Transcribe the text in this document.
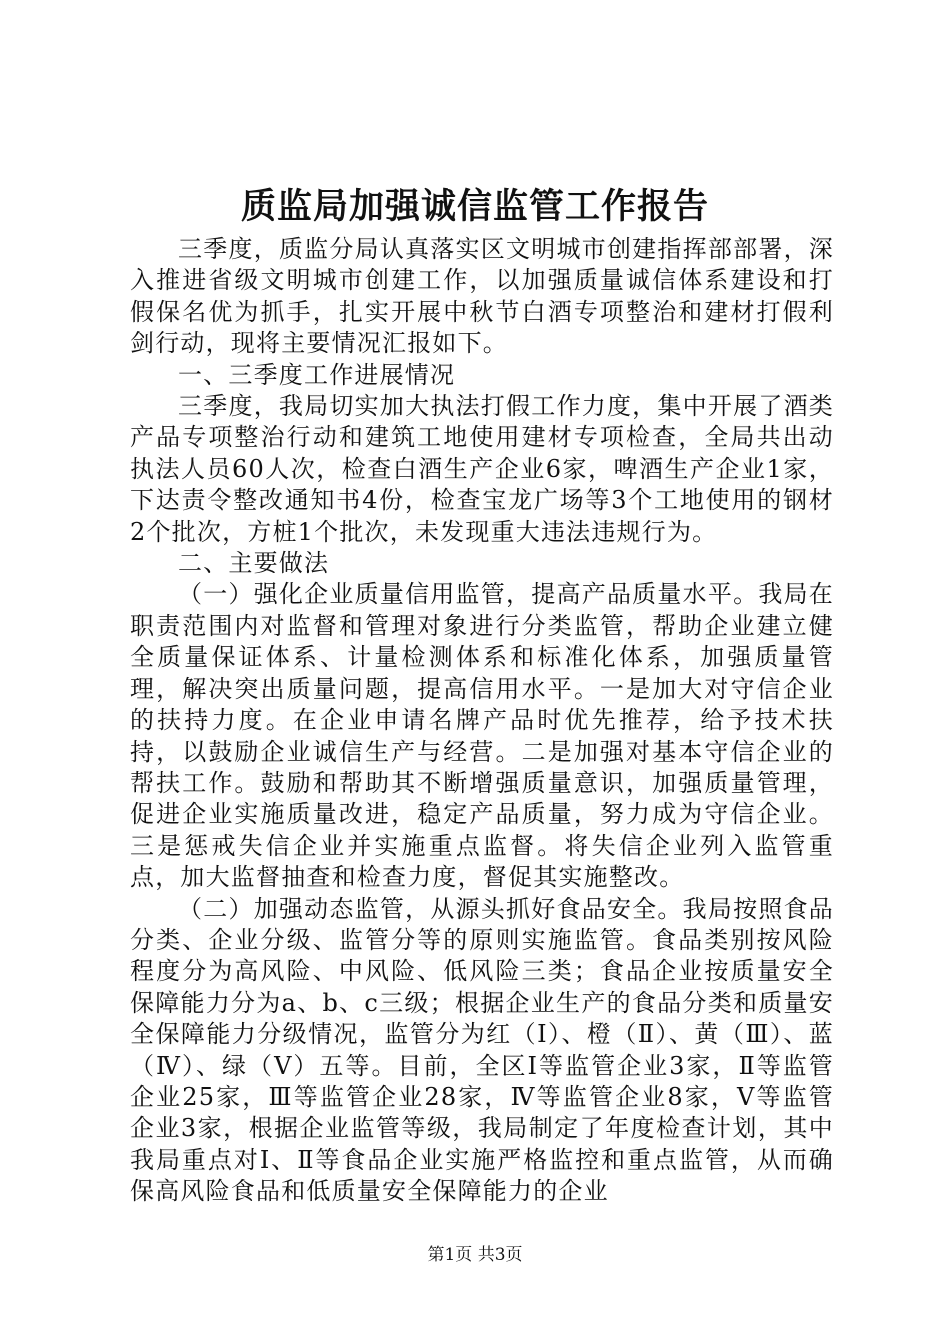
质监局加强诚信监管工作报告

三季度，质监分局认真落实区文明城市创建指挥部部署，深入推进省级文明城市创建工作，以加强质量诚信体系建设和打假保名优为抓手，扎实开展中秋节白酒专项整治和建材打假利剑行动，现将主要情况汇报如下。

一、三季度工作进展情况

三季度，我局切实加大执法打假工作力度，集中开展了酒类产品专项整治行动和建筑工地使用建材专项检查，全局共出动执法人员60人次，检查白酒生产企业6家，啤酒生产企业1家，下达责令整改通知书4份，检查宝龙广场等3个工地使用的钢材2个批次，方桩1个批次，未发现重大违法违规行为。

二、主要做法

（一）强化企业质量信用监管，提高产品质量水平。我局在职责范围内对监督和管理对象进行分类监管，帮助企业建立健全质量保证体系、计量检测体系和标准化体系，加强质量管理，解决突出质量问题，提高信用水平。一是加大对守信企业的扶持力度。在企业申请名牌产品时优先推荐，给予技术扶持，以鼓励企业诚信生产与经营。二是加强对基本守信企业的帮扶工作。鼓励和帮助其不断增强质量意识，加强质量管理，促进企业实施质量改进，稳定产品质量，努力成为守信企业。三是惩戒失信企业并实施重点监督。将失信企业列入监管重点，加大监督抽查和检查力度，督促其实施整改。

（二）加强动态监管，从源头抓好食品安全。我局按照食品分类、企业分级、监管分等的原则实施监管。食品类别按风险程度分为高风险、中风险、低风险三类；食品企业按质量安全保障能力分为a、b、c三级；根据企业生产的食品分类和质量安全保障能力分级情况，监管分为红（Ⅰ）、橙（Ⅱ）、黄（Ⅲ）、蓝（Ⅳ）、绿（Ⅴ）五等。目前，全区Ⅰ等监管企业3家，Ⅱ等监管企业25家，Ⅲ等监管企业28家，Ⅳ等监管企业8家，Ⅴ等监管企业3家，根据企业监管等级，我局制定了年度检查计划，其中我局重点对Ⅰ、Ⅱ等食品企业实施严格监控和重点监管，从而确保高风险食品和低质量安全保障能力的企业

第1页 共3页
